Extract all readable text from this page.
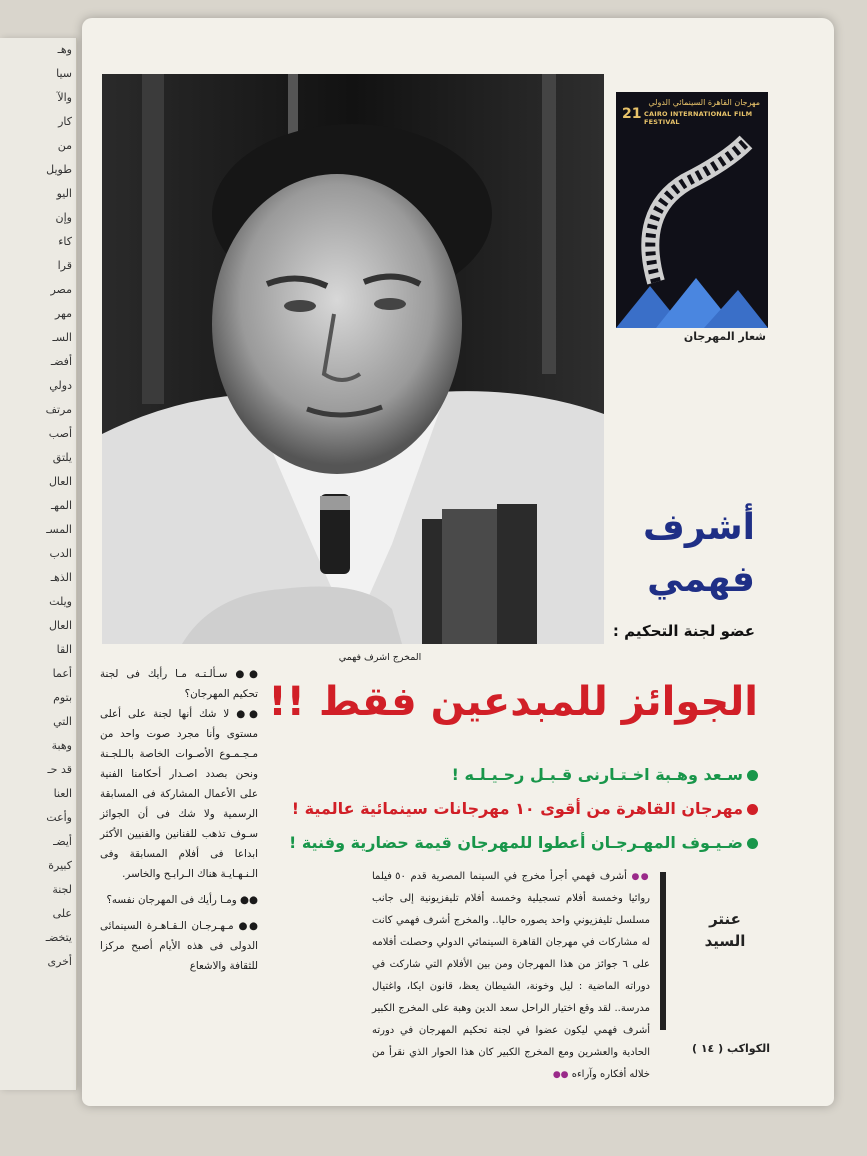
وهـ
سيا
والآ
كار
من
طويل
اليو
وإن
كاء
قرا
مصر
مهر
السـ
أفضـ
دولي
مرتف
أصب
يلتق
العال
المهـ
المسـ
الدب
الذهـ
ويلت
العال
القا
أعما
بتوم
التي
وهبة
قد حـ
العنا
وأعت
أيضـ
كبيرة
لجنة
على
يتخضـ
أخرى
مهرجان القاهرة السينمائي الدولي
21 CAIRO INTERNATIONAL FILM FESTIVAL
شعار المهرجان
أشرف
فهمي
عضو لجنة التحكيم :
المخرج اشرف فهمي
الجوائز للمبدعين فقط !!
سـعد وهـبة اخـتـارنى قـبـل رحـيـلـه !
مهرجان القاهرة من أقوى ١٠ مهرجانات سينمائية عالمية !
ضـيـوف المهـرجـان أعطوا للمهرجان قيمة حضارية وفنية !
●● أشرف فهمي أجرأ مخرج في السينما المصرية قدم ٥٠ فيلما روائيا وخمسة أفلام تسجيلية وخمسة أفلام تليفزيونية إلى جانب مسلسل تليفزيوني واحد يصوره حاليا.. والمخرج أشرف فهمي كانت له مشاركات في مهرجان القاهرة السينمائي الدولي وحصلت أفلامه على ٦ جوائز من هذا المهرجان ومن بين الأفلام التي شاركت في دوراته الماضية : ليل وخونة، الشيطان يعظ، قانون ايكا، واغتيال مدرسة.. لقد وقع اختيار الراحل سعد الدين وهبة على المخرج الكبير أشرف فهمي ليكون عضوا في لجنة تحكيم المهرجان في دورته الحادية والعشرين ومع المخرج الكبير كان هذا الحوار الذي نقرأ من خلاله أفكاره وآراءه ●●
عنتر
السيد

●● سـألـتـه مـا رأيك فى لجنة تحكيم المهرجان؟

●● لا شك أنها لجنة على أعلى مستوى وأنا مجرد صوت واحد من مـجـمـوع الأصـوات الخاصة بالـلجـنة ونحن بصدد اصـدار أحكامنا الفنية على الأعمال المشاركة فى المسابقة الرسمية ولا شك فى أن الجوائز سـوف تذهب للفنانين والفنيين الأكثر ابداعا فى أفلام المسابقة وفى الـنـهـايـة هناك الـرابـح والخاسر.

●● ومـا رأيك فى المهرجان نفسه؟

●● مـهـرجـان الـقـاهـرة السينمائى الدولى فى هذه الأيام أصبح مركزا للثقافة والاشعاع

الكواكب ( ١٤ )
